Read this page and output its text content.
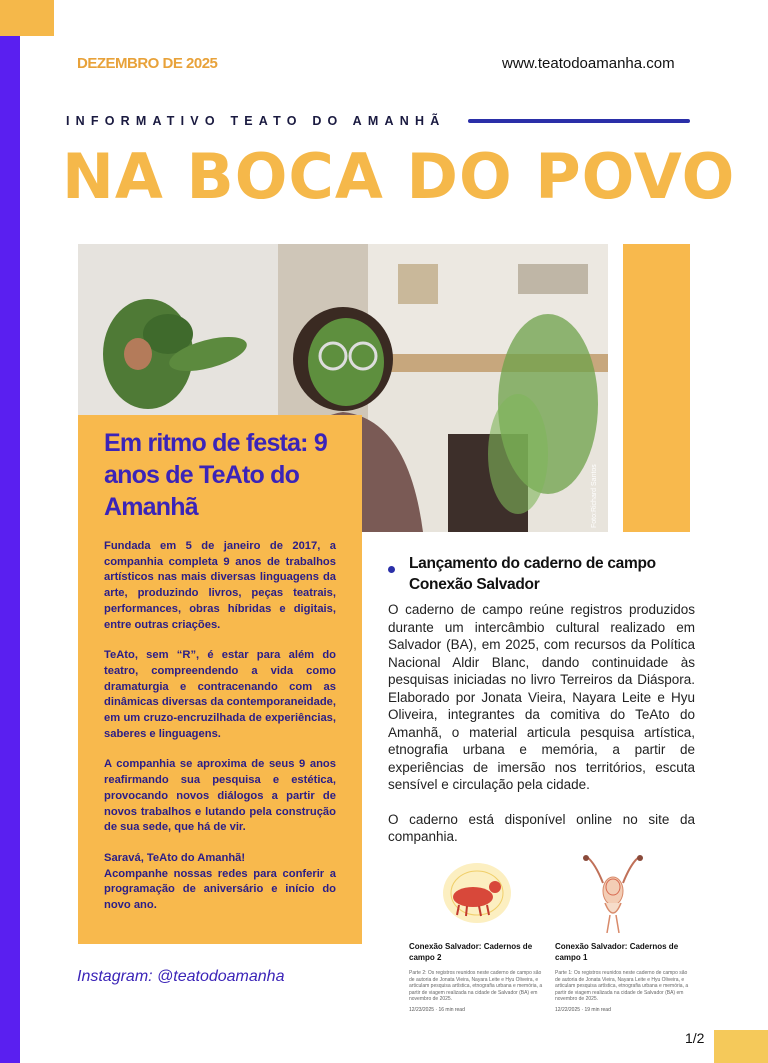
DEZEMBRO DE 2025	www.teatodoamanha.com
INFORMATIVO TEATO DO AMANHÃ
NA BOCA DO POVO
Foto:Richard Santos
Em ritmo de festa: 9 anos de TeAto do Amanhã

Fundada em 5 de janeiro de 2017, a companhia completa 9 anos de trabalhos artísticos nas mais diversas linguagens da arte, produzindo livros, peças teatrais, performances, obras híbridas e digitais, entre outras criações.

TeAto, sem “R”, é estar para além do teatro, compreendendo a vida como dramaturgia e contracenando com as dinâmicas diversas da contemporaneidade, em um cruzo-encruzilhada de experiências, saberes e linguagens.

A companhia se aproxima de seus 9 anos reafirmando sua pesquisa e estética, provocando novos diálogos a partir de novos trabalhos e lutando pela construção de sua sede, que há de vir.

Saravá, TeAto do Amanhã!
Acompanhe nossas redes para conferir a programação de aniversário e início do novo ano.

Instagram: @teatodoamanha
Lançamento do caderno de campo Conexão Salvador

O caderno de campo reúne registros produzidos durante um intercâmbio cultural realizado em Salvador (BA), em 2025, com recursos da Política Nacional Aldir Blanc, dando continuidade às pesquisas iniciadas no livro Terreiros da Diáspora. Elaborado por Jonata Vieira, Nayara Leite e Hyu Oliveira, integrantes da comitiva do TeAto do Amanhã, o material articula pesquisa artística, etnografia urbana e memória, a partir de experiências de imersão nos territórios, escuta sensível e circulação pela cidade.

O caderno está disponível online no site da companhia.

Conexão Salvador: Cadernos de campo 2
Parte 2: Os registros reunidos neste caderno de campo são de autoria de Jonata Vieira, Nayara Leite e Hyu Oliveira, e articulam pesquisa artística, etnografia urbana e memória, a partir de viagem realizada na cidade de Salvador (BA) em novembro de 2025.
12/23/2025 · 16 min read
Conexão Salvador: Cadernos de campo 1
Parte 1: Os registros reunidos neste caderno de campo são de autoria de Jonata Vieira, Nayara Leite e Hyu Oliveira, e articulam pesquisa artística, etnografia urbana e memória, a partir de viagem realizada na cidade de Salvador (BA) em novembro de 2025.
12/22/2025 · 19 min read
1/2
